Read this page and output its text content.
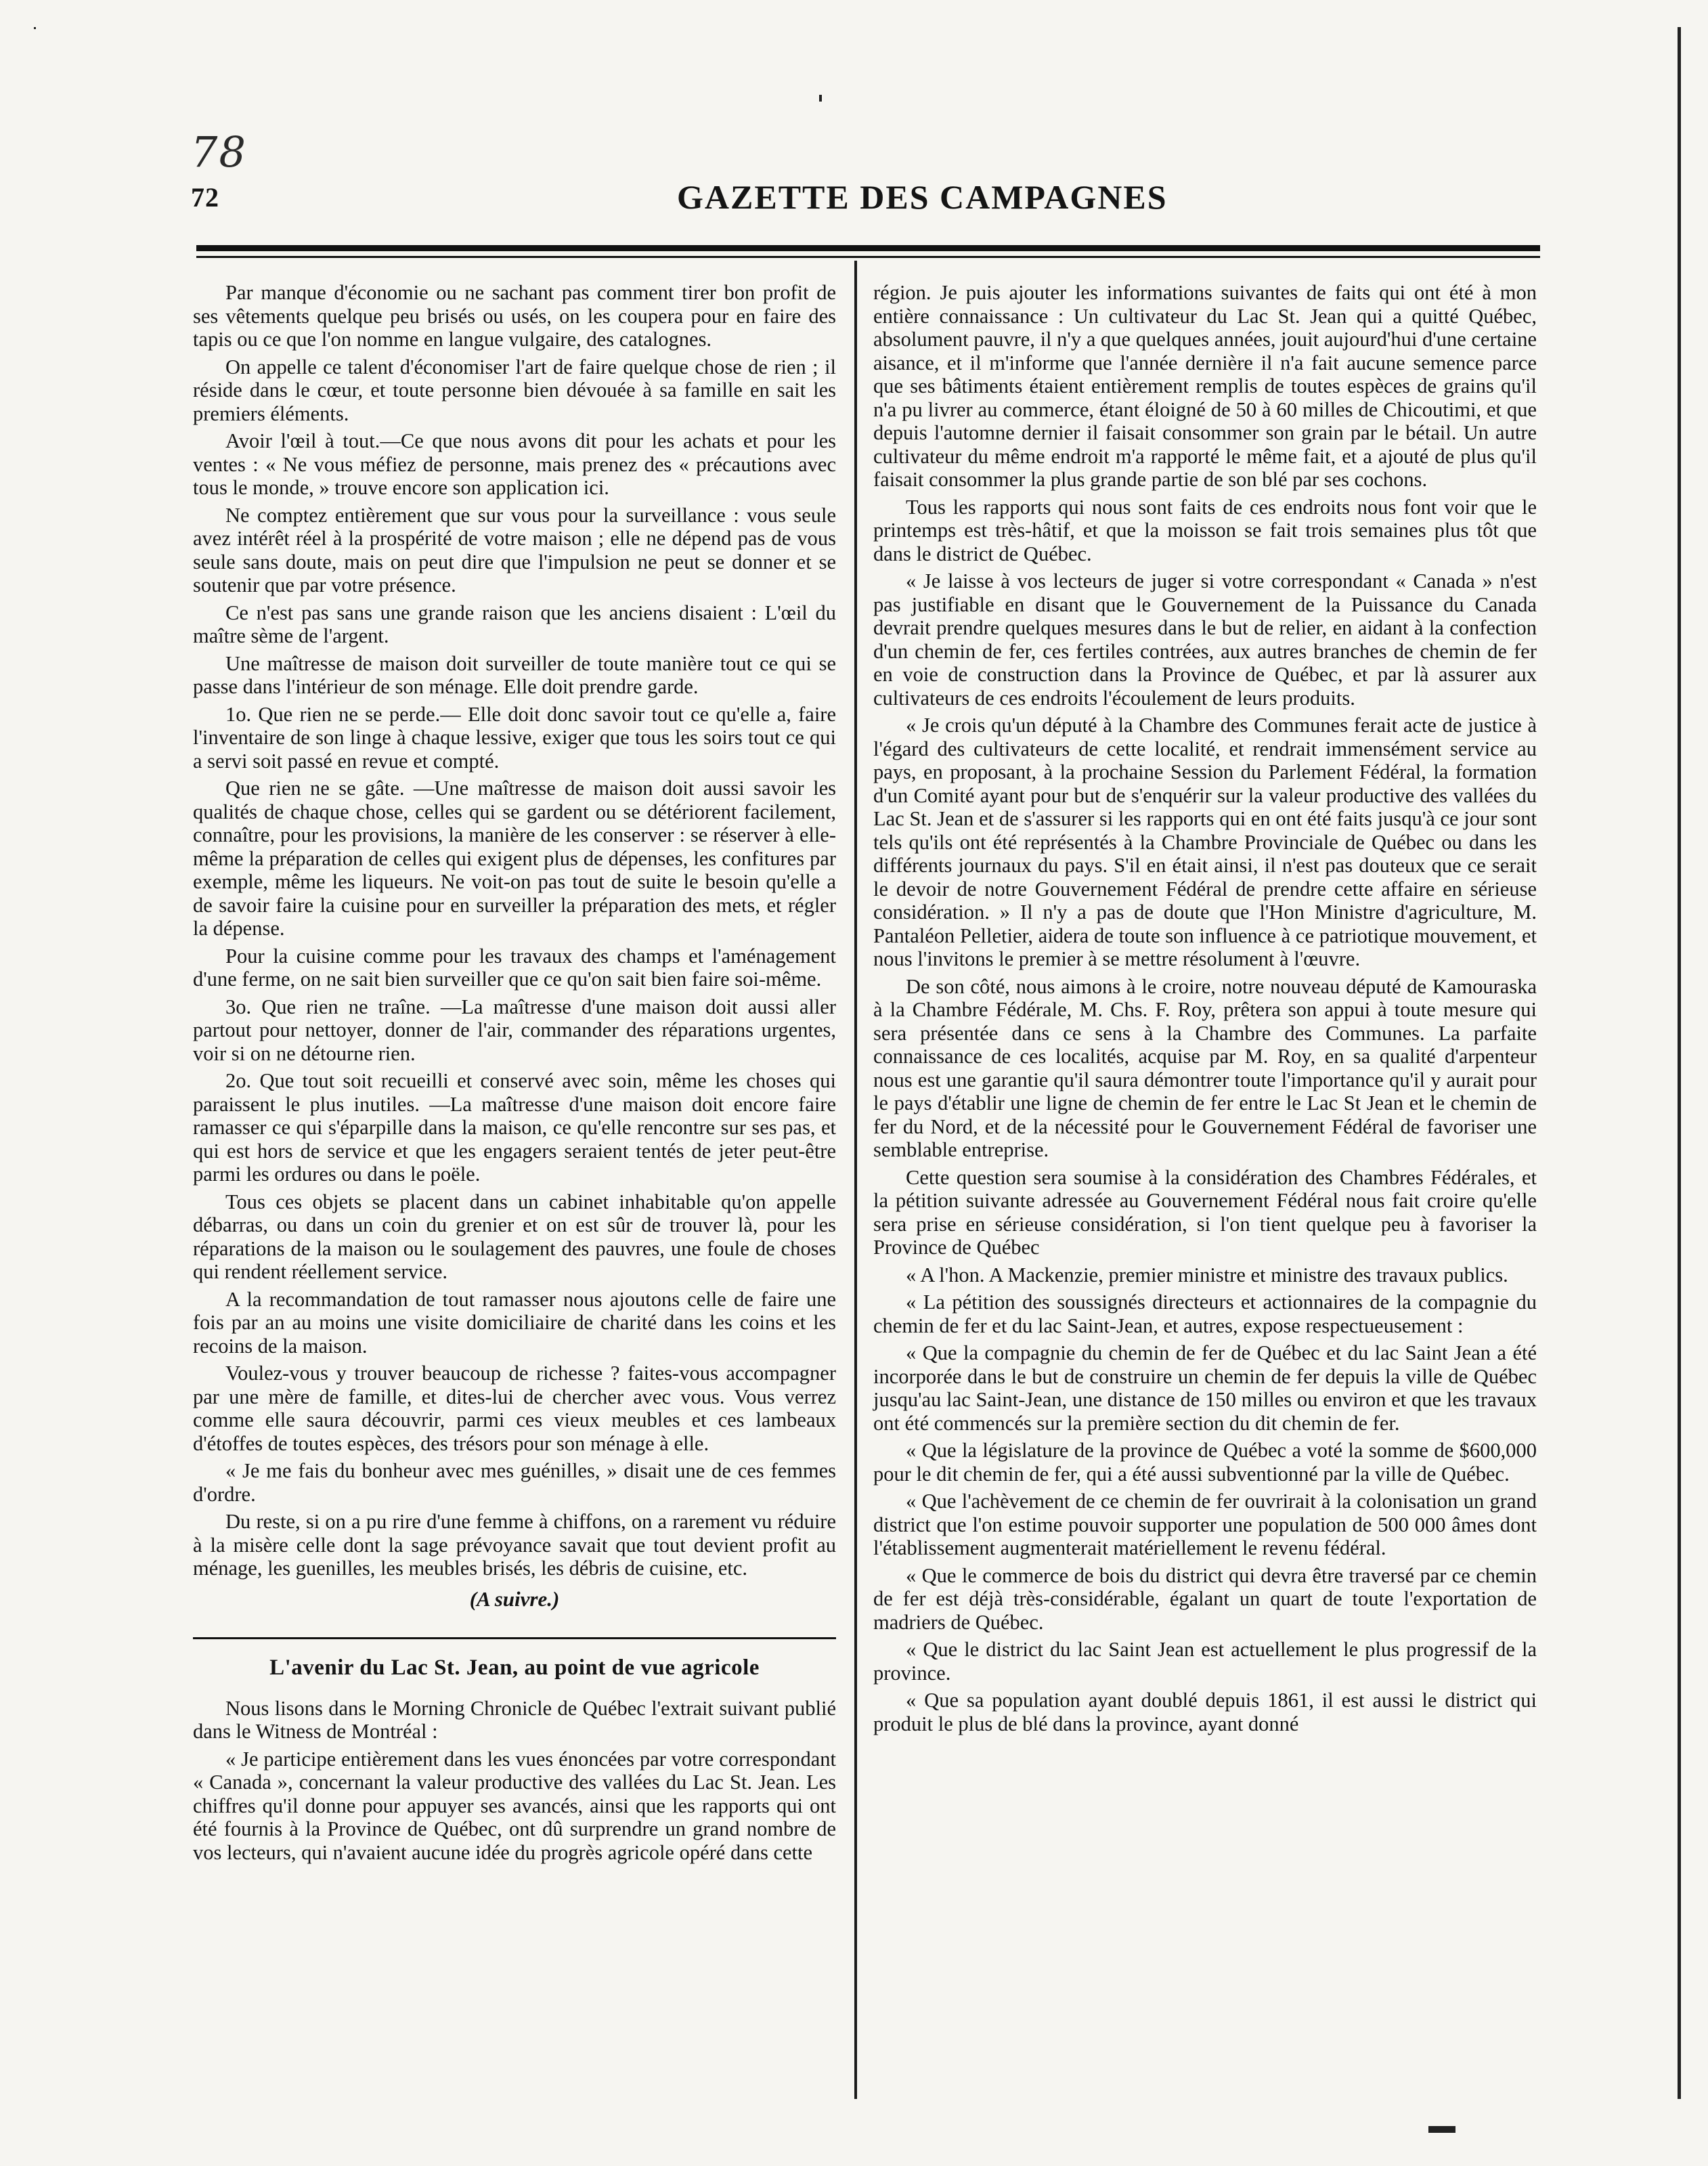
78
72	GAZETTE DES CAMPAGNES

Par manque d'économie ou ne sachant pas comment tirer bon profit de ses vêtements quelque peu brisés ou usés, on les coupera pour en faire des tapis ou ce que l'on nomme en langue vulgaire, des catalognes.

On appelle ce talent d'économiser l'art de faire quelque chose de rien ; il réside dans le cœur, et toute personne bien dévouée à sa famille en sait les premiers éléments.

Avoir l'œil à tout.—Ce que nous avons dit pour les achats et pour les ventes : « Ne vous méfiez de personne, mais prenez des « précautions avec tous le monde, » trouve encore son application ici.

Ne comptez entièrement que sur vous pour la surveillance : vous seule avez intérêt réel à la prospérité de votre maison ; elle ne dépend pas de vous seule sans doute, mais on peut dire que l'impulsion ne peut se donner et se soutenir que par votre présence.

Ce n'est pas sans une grande raison que les anciens disaient : L'œil du maître sème de l'argent.

Une maîtresse de maison doit surveiller de toute manière tout ce qui se passe dans l'intérieur de son ménage. Elle doit prendre garde.

1o. Que rien ne se perde.— Elle doit donc savoir tout ce qu'elle a, faire l'inventaire de son linge à chaque lessive, exiger que tous les soirs tout ce qui a servi soit passé en revue et compté.

Que rien ne se gâte. —Une maîtresse de maison doit aussi savoir les qualités de chaque chose, celles qui se gardent ou se détériorent facilement, connaître, pour les provisions, la manière de les conserver : se réserver à elle-même la préparation de celles qui exigent plus de dépenses, les confitures par exemple, même les liqueurs. Ne voit-on pas tout de suite le besoin qu'elle a de savoir faire la cuisine pour en surveiller la préparation des mets, et régler la dépense.

Pour la cuisine comme pour les travaux des champs et l'aménagement d'une ferme, on ne sait bien surveiller que ce qu'on sait bien faire soi-même.

3o. Que rien ne traîne. —La maîtresse d'une maison doit aussi aller partout pour nettoyer, donner de l'air, commander des réparations urgentes, voir si on ne détourne rien.

2o. Que tout soit recueilli et conservé avec soin, même les choses qui paraissent le plus inutiles. —La maîtresse d'une maison doit encore faire ramasser ce qui s'éparpille dans la maison, ce qu'elle rencontre sur ses pas, et qui est hors de service et que les engagers seraient tentés de jeter peut-être parmi les ordures ou dans le poële.

Tous ces objets se placent dans un cabinet inhabitable qu'on appelle débarras, ou dans un coin du grenier et on est sûr de trouver là, pour les réparations de la maison ou le soulagement des pauvres, une foule de choses qui rendent réellement service.

A la recommandation de tout ramasser nous ajoutons celle de faire une fois par an au moins une visite domiciliaire de charité dans les coins et les recoins de la maison.

Voulez-vous y trouver beaucoup de richesse ? faites-vous accompagner par une mère de famille, et dites-lui de chercher avec vous. Vous verrez comme elle saura découvrir, parmi ces vieux meubles et ces lambeaux d'étoffes de toutes espèces, des trésors pour son ménage à elle.

« Je me fais du bonheur avec mes guénilles, » disait une de ces femmes d'ordre.

Du reste, si on a pu rire d'une femme à chiffons, on a rarement vu réduire à la misère celle dont la sage prévoyance savait que tout devient profit au ménage, les guenilles, les meubles brisés, les débris de cuisine, etc.

(A suivre.)
L'avenir du Lac St. Jean, au point de vue agricole

Nous lisons dans le Morning Chronicle de Québec l'extrait suivant publié dans le Witness de Montréal :

« Je participe entièrement dans les vues énoncées par votre correspondant « Canada », concernant la valeur productive des vallées du Lac St. Jean. Les chiffres qu'il donne pour appuyer ses avancés, ainsi que les rapports qui ont été fournis à la Province de Québec, ont dû surprendre un grand nombre de vos lecteurs, qui n'avaient aucune idée du progrès agricole opéré dans cette

région. Je puis ajouter les informations suivantes de faits qui ont été à mon entière connaissance : Un cultivateur du Lac St. Jean qui a quitté Québec, absolument pauvre, il n'y a que quelques années, jouit aujourd'hui d'une certaine aisance, et il m'informe que l'année dernière il n'a fait aucune semence parce que ses bâtiments étaient entièrement remplis de toutes espèces de grains qu'il n'a pu livrer au commerce, étant éloigné de 50 à 60 milles de Chicoutimi, et que depuis l'automne dernier il faisait consommer son grain par le bétail. Un autre cultivateur du même endroit m'a rapporté le même fait, et a ajouté de plus qu'il faisait consommer la plus grande partie de son blé par ses cochons.

Tous les rapports qui nous sont faits de ces endroits nous font voir que le printemps est très-hâtif, et que la moisson se fait trois semaines plus tôt que dans le district de Québec.

« Je laisse à vos lecteurs de juger si votre correspondant « Canada » n'est pas justifiable en disant que le Gouvernement de la Puissance du Canada devrait prendre quelques mesures dans le but de relier, en aidant à la confection d'un chemin de fer, ces fertiles contrées, aux autres branches de chemin de fer en voie de construction dans la Province de Québec, et par là assurer aux cultivateurs de ces endroits l'écoulement de leurs produits.

« Je crois qu'un député à la Chambre des Communes ferait acte de justice à l'égard des cultivateurs de cette localité, et rendrait immensément service au pays, en proposant, à la prochaine Session du Parlement Fédéral, la formation d'un Comité ayant pour but de s'enquérir sur la valeur productive des vallées du Lac St. Jean et de s'assurer si les rapports qui en ont été faits jusqu'à ce jour sont tels qu'ils ont été représentés à la Chambre Provinciale de Québec ou dans les différents journaux du pays. S'il en était ainsi, il n'est pas douteux que ce serait le devoir de notre Gouvernement Fédéral de prendre cette affaire en sérieuse considération. » Il n'y a pas de doute que l'Hon Ministre d'agriculture, M. Pantaléon Pelletier, aidera de toute son influence à ce patriotique mouvement, et nous l'invitons le premier à se mettre résolument à l'œuvre.

De son côté, nous aimons à le croire, notre nouveau député de Kamouraska à la Chambre Fédérale, M. Chs. F. Roy, prêtera son appui à toute mesure qui sera présentée dans ce sens à la Chambre des Communes. La parfaite connaissance de ces localités, acquise par M. Roy, en sa qualité d'arpenteur nous est une garantie qu'il saura démontrer toute l'importance qu'il y aurait pour le pays d'établir une ligne de chemin de fer entre le Lac St Jean et le chemin de fer du Nord, et de la nécessité pour le Gouvernement Fédéral de favoriser une semblable entreprise.

Cette question sera soumise à la considération des Chambres Fédérales, et la pétition suivante adressée au Gouvernement Fédéral nous fait croire qu'elle sera prise en sérieuse considération, si l'on tient quelque peu à favoriser la Province de Québec

« A l'hon. A Mackenzie, premier ministre et ministre des travaux publics.

« La pétition des soussignés directeurs et actionnaires de la compagnie du chemin de fer et du lac Saint-Jean, et autres, expose respectueusement :

« Que la compagnie du chemin de fer de Québec et du lac Saint Jean a été incorporée dans le but de construire un chemin de fer depuis la ville de Québec jusqu'au lac Saint-Jean, une distance de 150 milles ou environ et que les travaux ont été commencés sur la première section du dit chemin de fer.

« Que la législature de la province de Québec a voté la somme de $600,000 pour le dit chemin de fer, qui a été aussi subventionné par la ville de Québec.

« Que l'achèvement de ce chemin de fer ouvrirait à la colonisation un grand district que l'on estime pouvoir supporter une population de 500 000 âmes dont l'établissement augmenterait matériellement le revenu fédéral.

« Que le commerce de bois du district qui devra être traversé par ce chemin de fer est déjà très-considérable, égalant un quart de toute l'exportation de madriers de Québec.

« Que le district du lac Saint Jean est actuellement le plus progressif de la province.

« Que sa population ayant doublé depuis 1861, il est aussi le district qui produit le plus de blé dans la province, ayant donné
